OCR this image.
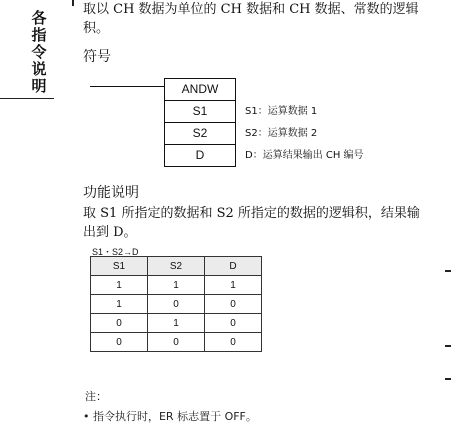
各
指
令
说
明
取以 CH 数据为单位的 CH 数据和 CH 数据、常数的逻辑积。
符号
ANDW
S1
S2
D
S1：运算数据 1
S2：运算数据 2
D：运算结果输出 CH 编号
功能说明
取 S1 所指定的数据和 S2 所指定的数据的逻辑积，结果输出到 D。
S1・S2→D
S1	S2	D
1	1	1
1	0	0
0	1	0
0	0	0
注：
• 指令执行时，ER 标志置于 OFF。
